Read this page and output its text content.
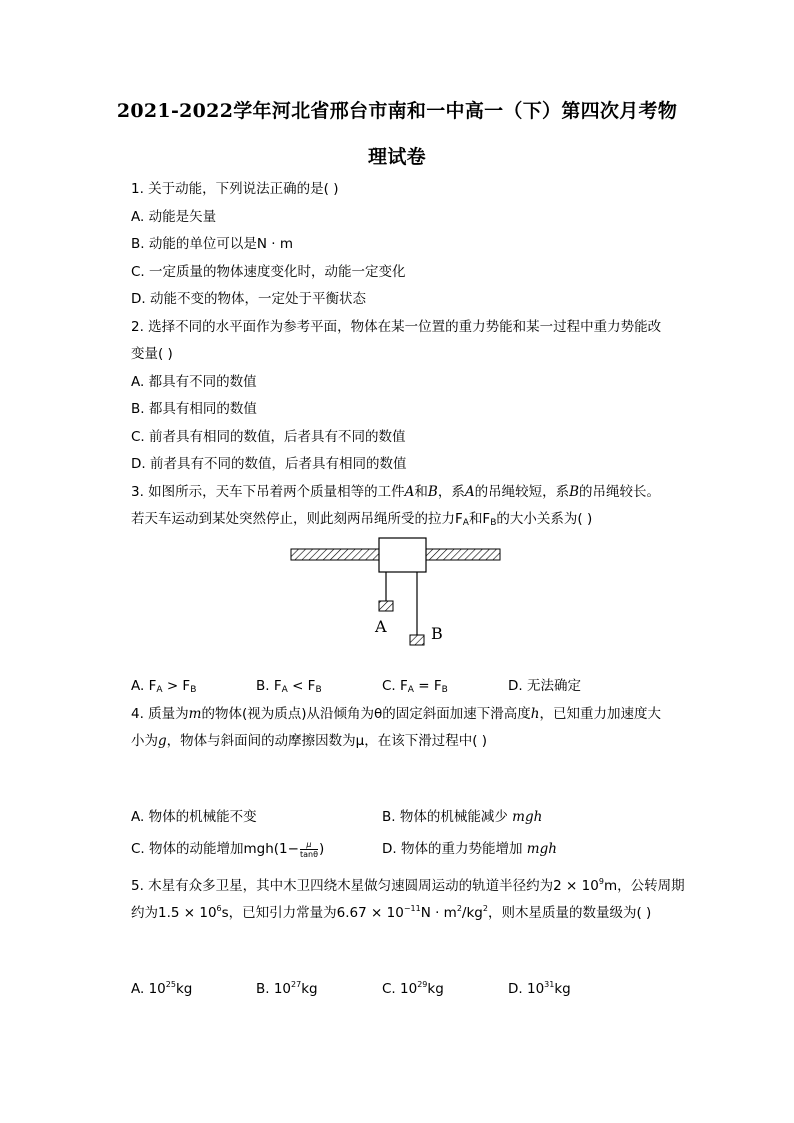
2021-2022学年河北省邢台市南和一中高一（下）第四次月考物
理试卷
1. 关于动能，下列说法正确的是( )
A. 动能是矢量
B. 动能的单位可以是N · m
C. 一定质量的物体速度变化时，动能一定变化
D. 动能不变的物体，一定处于平衡状态
2. 选择不同的水平面作为参考平面，物体在某一位置的重力势能和某一过程中重力势能改
变量( )
A. 都具有不同的数值
B. 都具有相同的数值
C. 前者具有相同的数值，后者具有不同的数值
D. 前者具有不同的数值，后者具有相同的数值
3. 如图所示，天车下吊着两个质量相等的工件A和B，系A的吊绳较短，系B的吊绳较长。
若天车运动到某处突然停止，则此刻两吊绳所受的拉力$F_A$和$F_B$的大小关系为( )
A	B
A. $F_A > F_B$	B. $F_A < F_B$	C. $F_A = F_B$	D. 无法确定
4. 质量为m的物体(视为质点)从沿倾角为θ的固定斜面加速下滑高度h，已知重力加速度大
小为g，物体与斜面间的动摩擦因数为μ，在该下滑过程中( )
A. 物体的机械能不变	B. 物体的机械能减少 mgh
C. 物体的动能增加$mgh(1- \frac{\mu}{\tan\theta}$ )	D. 物体的重力势能增加 mgh
5. 木星有众多卫星，其中木卫四绕木星做匀速圆周运动的轨道半径约为$2 \times 10^9m$，公转周期
约为$1.5 \times 10^6s$，已知引力常量为$6.67 \times 10^{-11}N \cdot m^2/kg^2$，则木星质量的数量级为( )
A. $10^{25}kg$	B. $10^{27}kg$	C. $10^{29}kg$	D. $10^{31}kg$
